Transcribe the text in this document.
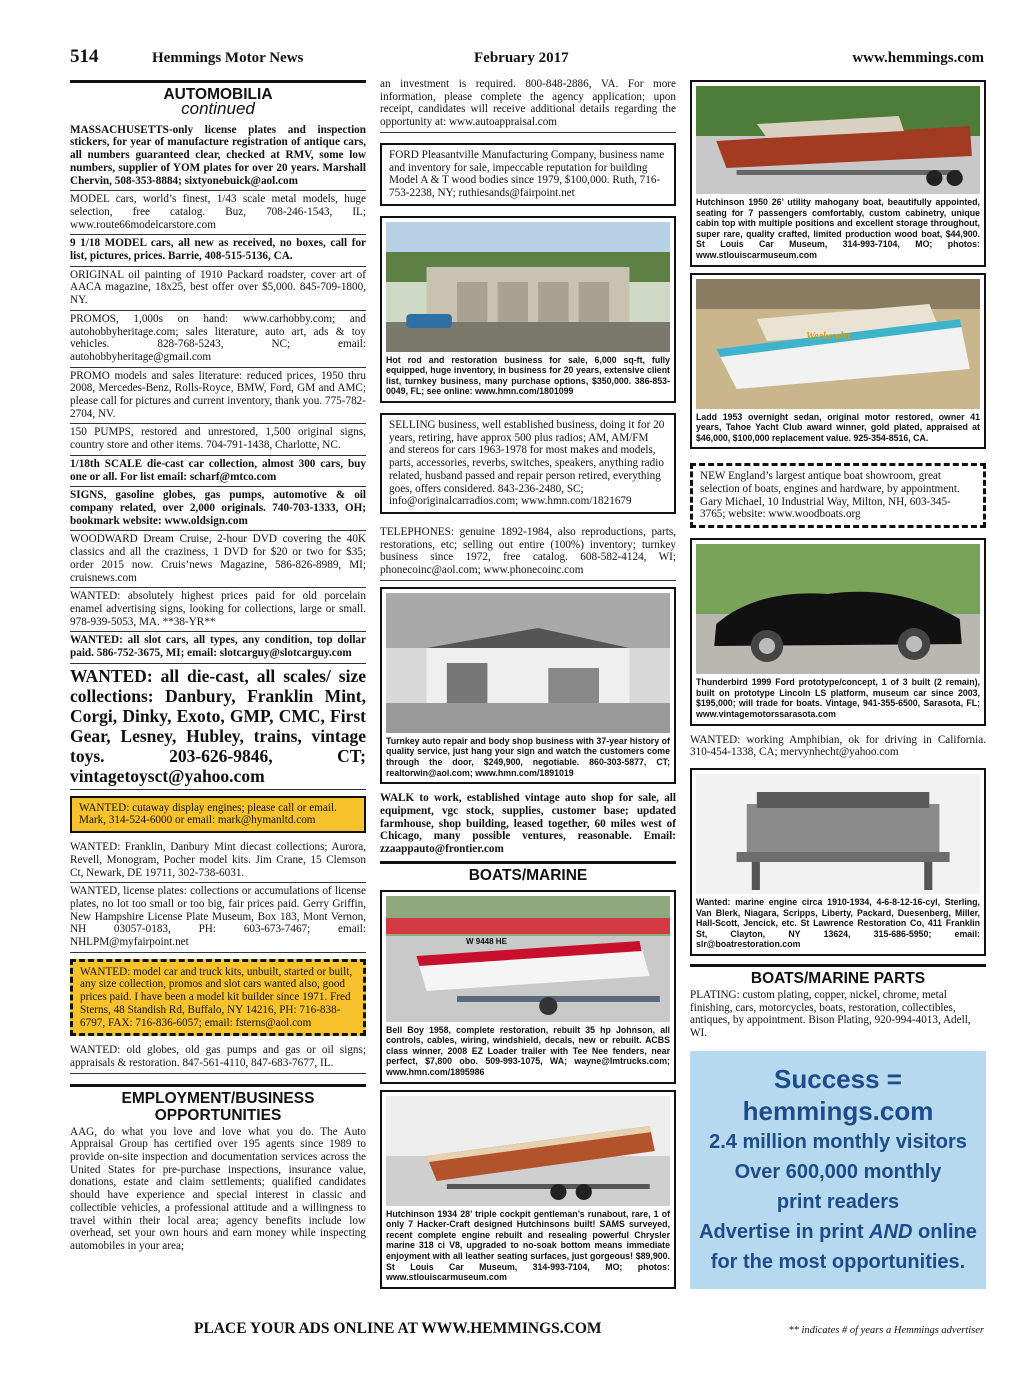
514	Hemmings Motor News	February 2017	www.hemmings.com
AUTOMOBILIA
continued

MASSACHUSETTS-only license plates and inspection stickers, for year of manufacture registration of antique cars, all numbers guaranteed clear, checked at RMV, some low numbers, supplier of YOM plates for over 20 years. Marshall Chervin, 508-353-8884; sixtyonebuick@aol.com

MODEL cars, world’s finest, 1/43 scale metal models, huge selection, free catalog. Buz, 708-246-1543, IL; www.route66modelcarstore.com

9 1/18 MODEL cars, all new as received, no boxes, call for list, pictures, prices. Barrie, 408-515-5136, CA.

ORIGINAL oil painting of 1910 Packard roadster, cover art of AACA magazine, 18x25, best offer over $5,000. 845-709-1800, NY.

PROMOS, 1,000s on hand: www.carhobby.com; and autohobbyheritage.com; sales literature, auto art, ads & toy vehicles. 828-768-5243, NC; email: autohobbyheritage@gmail.com

PROMO models and sales literature: reduced prices, 1950 thru 2008, Mercedes-Benz, Rolls-Royce, BMW, Ford, GM and AMC; please call for pictures and current inventory, thank you. 775-782-2704, NV.

150 PUMPS, restored and unrestored, 1,500 original signs, country store and other items. 704-791-1438, Charlotte, NC.

1/18th SCALE die-cast car collection, almost 300 cars, buy one or all. For list email: scharf@mtco.com

SIGNS, gasoline globes, gas pumps, automotive & oil company related, over 2,000 originals. 740-703-1333, OH; bookmark website: www.oldsign.com

WOODWARD Dream Cruise, 2-hour DVD covering the 40K classics and all the craziness, 1 DVD for $20 or two for $35; order 2015 now. Cruis’news Magazine, 586-826-8989, MI; cruisnews.com

WANTED: absolutely highest prices paid for old porcelain enamel advertising signs, looking for collections, large or small. 978-939-5053, MA. **38-YR**

WANTED: all slot cars, all types, any condition, top dollar paid. 586-752-3675, MI; email: slotcarguy@slotcarguy.com

WANTED: all die-cast, all scales/ size collections: Danbury, Franklin Mint, Corgi, Dinky, Exoto, GMP, CMC, First Gear, Lesney, Hubley, trains, vintage toys. 203-626-9846, CT; vintagetoysct@yahoo.com

WANTED: cutaway display engines; please call or email. Mark, 314-524-6000 or email: mark@hymanltd.com

WANTED: Franklin, Danbury Mint diecast collections; Aurora, Revell, Monogram, Pocher model kits. Jim Crane, 15 Clemson Ct, Newark, DE 19711, 302-738-6031.

WANTED, license plates: collections or accumulations of license plates, no lot too small or too big, fair prices paid. Gerry Griffin, New Hampshire License Plate Museum, Box 183, Mont Vernon, NH 03057-0183, PH: 603-673-7467; email: NHLPM@myfairpoint.net

WANTED: model car and truck kits, unbuilt, started or built, any size collection, promos and slot cars wanted also, good prices paid. I have been a model kit builder since 1971. Fred Sterns, 48 Standish Rd, Buffalo, NY 14216, PH: 716-838-6797, FAX: 716-836-6057; email: fsterns@aol.com

WANTED: old globes, old gas pumps and gas or oil signs; appraisals & restoration. 847-561-4110, 847-683-7677, IL.

EMPLOYMENT/BUSINESS OPPORTUNITIES

AAG, do what you love and love what you do. The Auto Appraisal Group has certified over 195 agents since 1989 to provide on-site inspection and documentation services across the United States for pre-purchase inspections, insurance value, donations, estate and claim settlements; qualified candidates should have experience and special interest in classic and collectible vehicles, a professional attitude and a willingness to travel within their local area; agency benefits include low overhead, set your own hours and earn money while inspecting automobiles in your area;

an investment is required. 800-848-2886, VA. For more information, please complete the agency application; upon receipt, candidates will receive additional details regarding the opportunity at: www.autoappraisal.com

FORD Pleasantville Manufacturing Company, business name and inventory for sale, impeccable reputation for building Model A & T wood bodies since 1979, $100,000. Ruth, 716-753-2238, NY; ruthiesands@fairpoint.net
Hot rod and restoration business for sale, 6,000 sq-ft, fully equipped, huge inventory, in business for 20 years, extensive client list, turnkey business, many purchase options, $350,000. 386-853-0049, FL; see online: www.hmn.com/1801099
SELLING business, well established business, doing it for 20 years, retiring, have approx 500 plus radios; AM, AM/FM and stereos for cars 1963-1978 for most makes and models, parts, accessories, reverbs, switches, speakers, anything radio related, husband passed and repair person retired, everything goes, offers considered. 843-236-2480, SC; info@originalcarradios.com; www.hmn.com/1821679

TELEPHONES: genuine 1892-1984, also reproductions, parts, restorations, etc; selling out entire (100%) inventory; turnkey business since 1972, free catalog. 608-582-4124, WI; phonecoinc@aol.com; www.phonecoinc.com

Turnkey auto repair and body shop business with 37-year history of quality service, just hang your sign and watch the customers come through the door, $249,900, negotiable. 860-303-5877, CT; realtorwin@aol.com; www.hmn.com/1891019

WALK to work, established vintage auto shop for sale, all equipment, vgc stock, supplies, customer base; updated farmhouse, shop building, leased together, 60 miles west of Chicago, many possible ventures, reasonable. Email: zzaappauto@frontier.com

BOATS/MARINE
W 9448 HE
Bell Boy 1958, complete restoration, rebuilt 35 hp Johnson, all controls, cables, wiring, windshield, decals, new or rebuilt. ACBS class winner, 2008 EZ Loader trailer with Tee Nee fenders, near perfect, $7,800 obo. 509-993-1075, WA; wayne@lmtrucks.com; www.hmn.com/1895986
Hutchinson 1934 28’ triple cockpit gentleman’s runabout, rare, 1 of only 7 Hacker-Craft designed Hutchinsons built! SAMS surveyed, recent complete engine rebuilt and resealing powerful Chrysler marine 318 ci V8, upgraded to no-soak bottom means immediate enjoyment with all leather seating surfaces, just gorgeous! $89,900. St Louis Car Museum, 314-993-7104, MO; photos: www.stlouiscarmuseum.com
Hutchinson 1950 26’ utility mahogany boat, beautifully appointed, seating for 7 passengers comfortably, custom cabinetry, unique cabin top with multiple positions and excellent storage throughout, super rare, quality crafted, limited production wood boat, $44,900. St Louis Car Museum, 314-993-7104, MO; photos: www.stlouiscarmuseum.com
Weekender
Ladd 1953 overnight sedan, original motor restored, owner 41 years, Tahoe Yacht Club award winner, gold plated, appraised at $46,000, $100,000 replacement value. 925-354-8516, CA.
NEW England’s largest antique boat showroom, great selection of boats, engines and hardware, by appointment. Gary Michael, 10 Industrial Way, Milton, NH, 603-345-3765; website: www.woodboats.org
Thunderbird 1999 Ford prototype/concept, 1 of 3 built (2 remain), built on prototype Lincoln LS platform, museum car since 2003, $195,000; will trade for boats. Vintage, 941-355-6500, Sarasota, FL; www.vintagemotorssarasota.com

WANTED: working Amphibian, ok for driving in California. 310-454-1338, CA; mervynhecht@yahoo.com

Wanted: marine engine circa 1910-1934, 4-6-8-12-16-cyl, Sterling, Van Blerk, Niagara, Scripps, Liberty, Packard, Duesenberg, Miller, Hall-Scott, Jencick, etc. St Lawrence Restoration Co, 411 Franklin St, Clayton, NY 13624, 315-686-5950; email: slr@boatrestoration.com
BOATS/MARINE PARTS

PLATING: custom plating, copper, nickel, chrome, metal finishing, cars, motorcycles, boats, restoration, collectibles, antiques, by appointment. Bison Plating, 920-994-4013, Adell, WI.

Success = hemmings.com
2.4 million monthly visitors
Over 600,000 monthly
print readers
Advertise in print AND online
for the most opportunities.
PLACE YOUR ADS ONLINE AT WWW.HEMMINGS.COM	** indicates # of years a Hemmings advertiser
